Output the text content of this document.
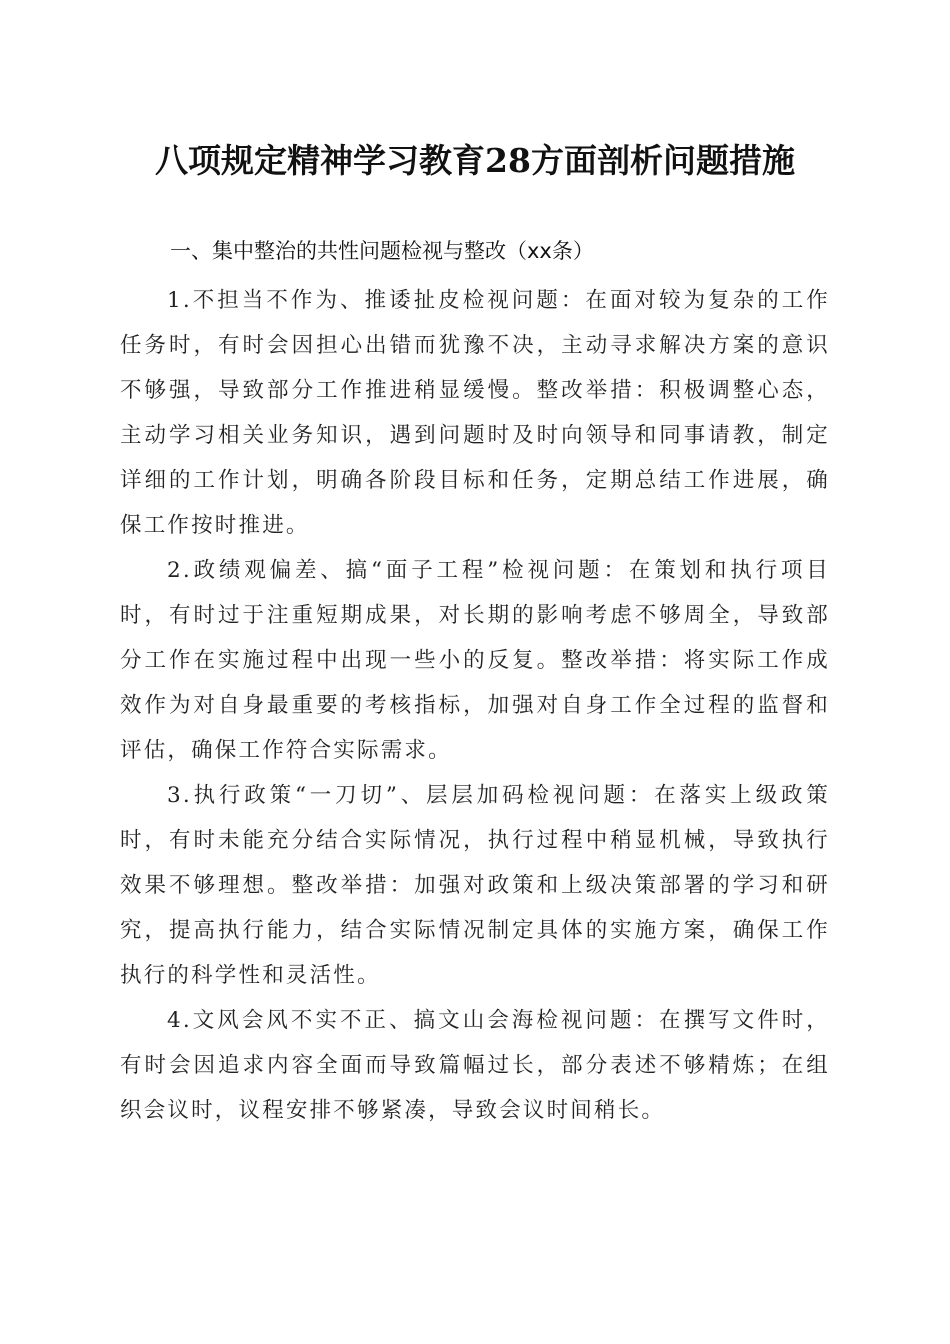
八项规定精神学习教育28方面剖析问题措施
一、集中整治的共性问题检视与整改（xx条）

1.不担当不作为、推诿扯皮检视问题：在面对较为复杂的工作任务时，有时会因担心出错而犹豫不决，主动寻求解决方案的意识不够强，导致部分工作推进稍显缓慢。整改举措：积极调整心态，主动学习相关业务知识，遇到问题时及时向领导和同事请教，制定详细的工作计划，明确各阶段目标和任务，定期总结工作进展，确保工作按时推进。

2.政绩观偏差、搞“面子工程”检视问题：在策划和执行项目时，有时过于注重短期成果，对长期的影响考虑不够周全，导致部分工作在实施过程中出现一些小的反复。整改举措：将实际工作成效作为对自身最重要的考核指标，加强对自身工作全过程的监督和评估，确保工作符合实际需求。

3.执行政策“一刀切”、层层加码检视问题：在落实上级政策时，有时未能充分结合实际情况，执行过程中稍显机械，导致执行效果不够理想。整改举措：加强对政策和上级决策部署的学习和研究，提高执行能力，结合实际情况制定具体的实施方案，确保工作执行的科学性和灵活性。

4.文风会风不实不正、搞文山会海检视问题：在撰写文件时，有时会因追求内容全面而导致篇幅过长，部分表述不够精炼；在组织会议时，议程安排不够紧凑，导致会议时间稍长。
